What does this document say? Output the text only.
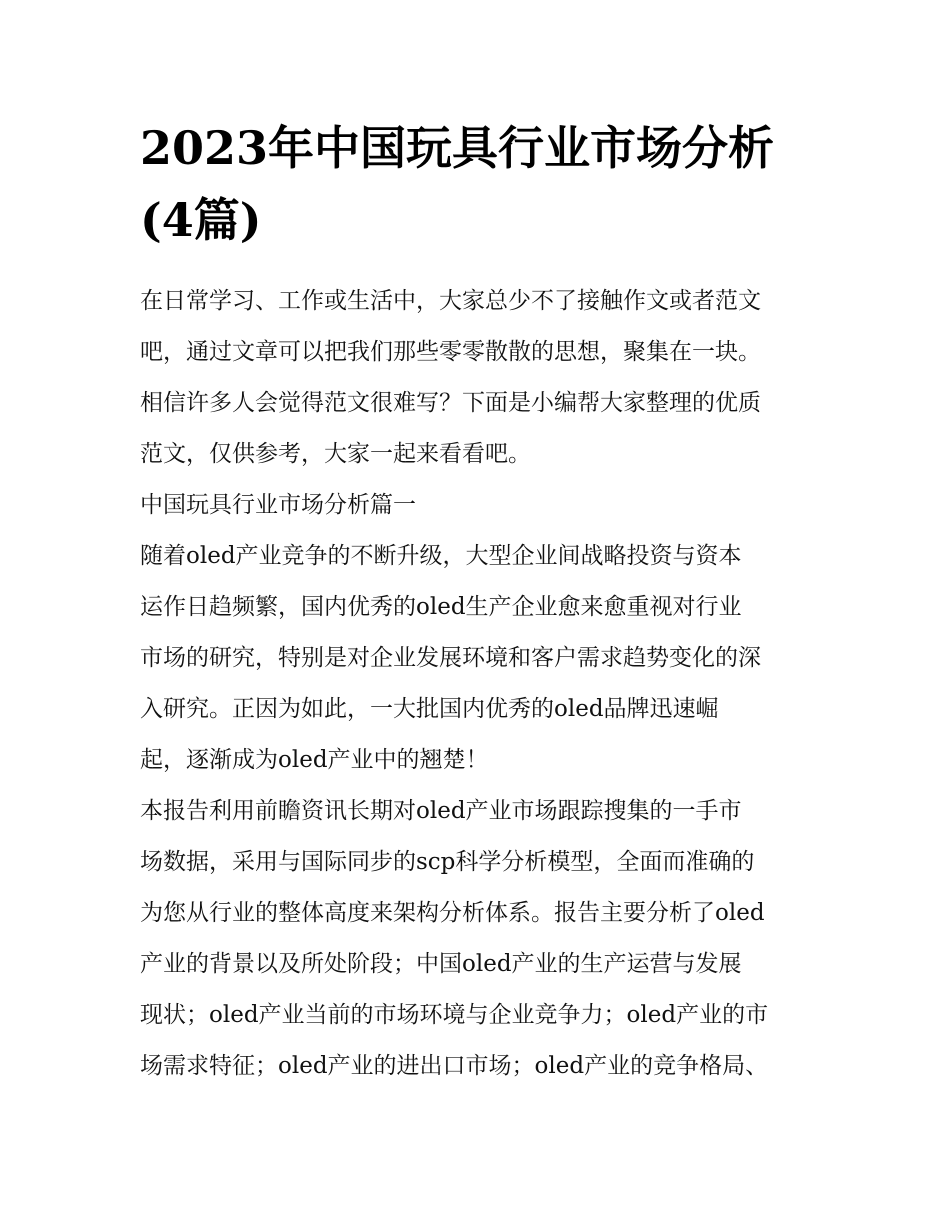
2023年中国玩具行业市场分析
(4篇)
在日常学习、工作或生活中，大家总少不了接触作文或者范文
吧，通过文章可以把我们那些零零散散的思想，聚集在一块。
相信许多人会觉得范文很难写？下面是小编帮大家整理的优质
范文，仅供参考，大家一起来看看吧。
中国玩具行业市场分析篇一
随着oled产业竞争的不断升级，大型企业间战略投资与资本
运作日趋频繁，国内优秀的oled生产企业愈来愈重视对行业
市场的研究，特别是对企业发展环境和客户需求趋势变化的深
入研究。正因为如此，一大批国内优秀的oled品牌迅速崛
起，逐渐成为oled产业中的翘楚！
本报告利用前瞻资讯长期对oled产业市场跟踪搜集的一手市
场数据，采用与国际同步的scp科学分析模型，全面而准确的
为您从行业的整体高度来架构分析体系。报告主要分析了oled
产业的背景以及所处阶段；中国oled产业的生产运营与发展
现状；oled产业当前的市场环境与企业竞争力；oled产业的市
场需求特征；oled产业的进出口市场；oled产业的竞争格局、
